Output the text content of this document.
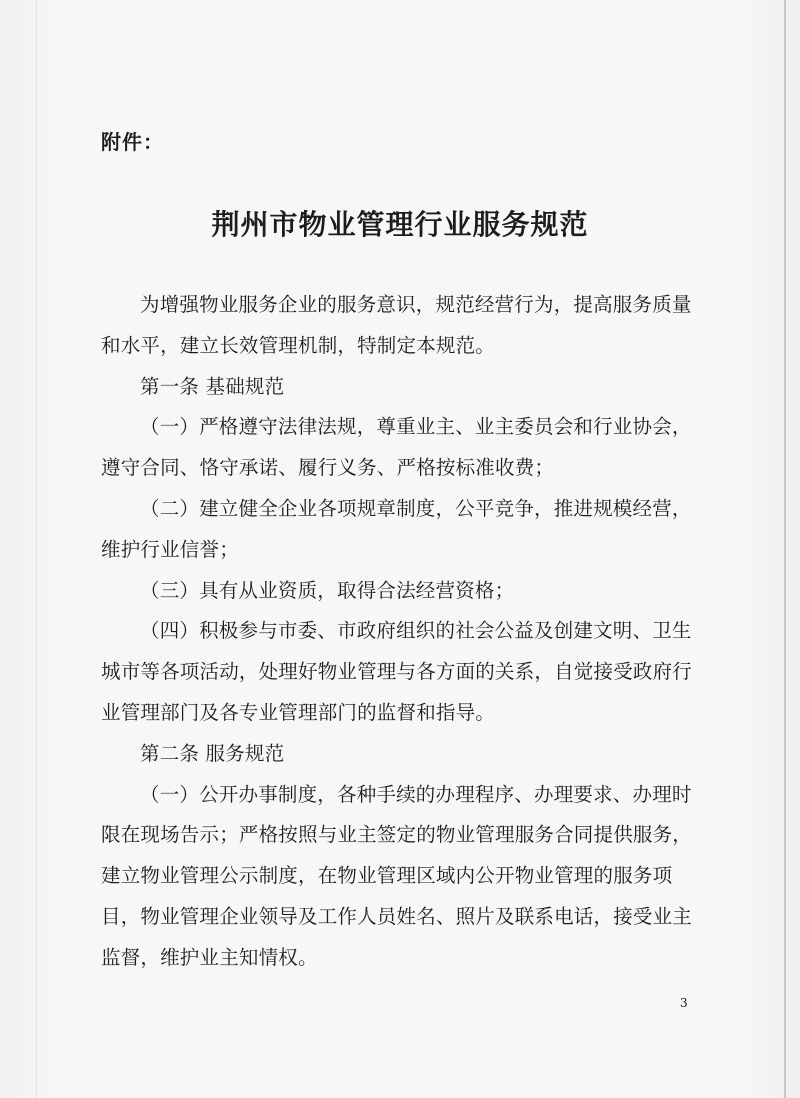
附件：
荆州市物业管理行业服务规范

为增强物业服务企业的服务意识，规范经营行为，提高服务质量和水平，建立长效管理机制，特制定本规范。

第一条 基础规范

（一）严格遵守法律法规，尊重业主、业主委员会和行业协会，遵守合同、恪守承诺、履行义务、严格按标准收费；

（二）建立健全企业各项规章制度，公平竞争，推进规模经营，维护行业信誉；

（三）具有从业资质，取得合法经营资格；

（四）积极参与市委、市政府组织的社会公益及创建文明、卫生城市等各项活动，处理好物业管理与各方面的关系，自觉接受政府行业管理部门及各专业管理部门的监督和指导。

第二条 服务规范

（一）公开办事制度，各种手续的办理程序、办理要求、办理时限在现场告示；严格按照与业主签定的物业管理服务合同提供服务，建立物业管理公示制度，在物业管理区域内公开物业管理的服务项目，物业管理企业领导及工作人员姓名、照片及联系电话，接受业主监督，维护业主知情权。

3
